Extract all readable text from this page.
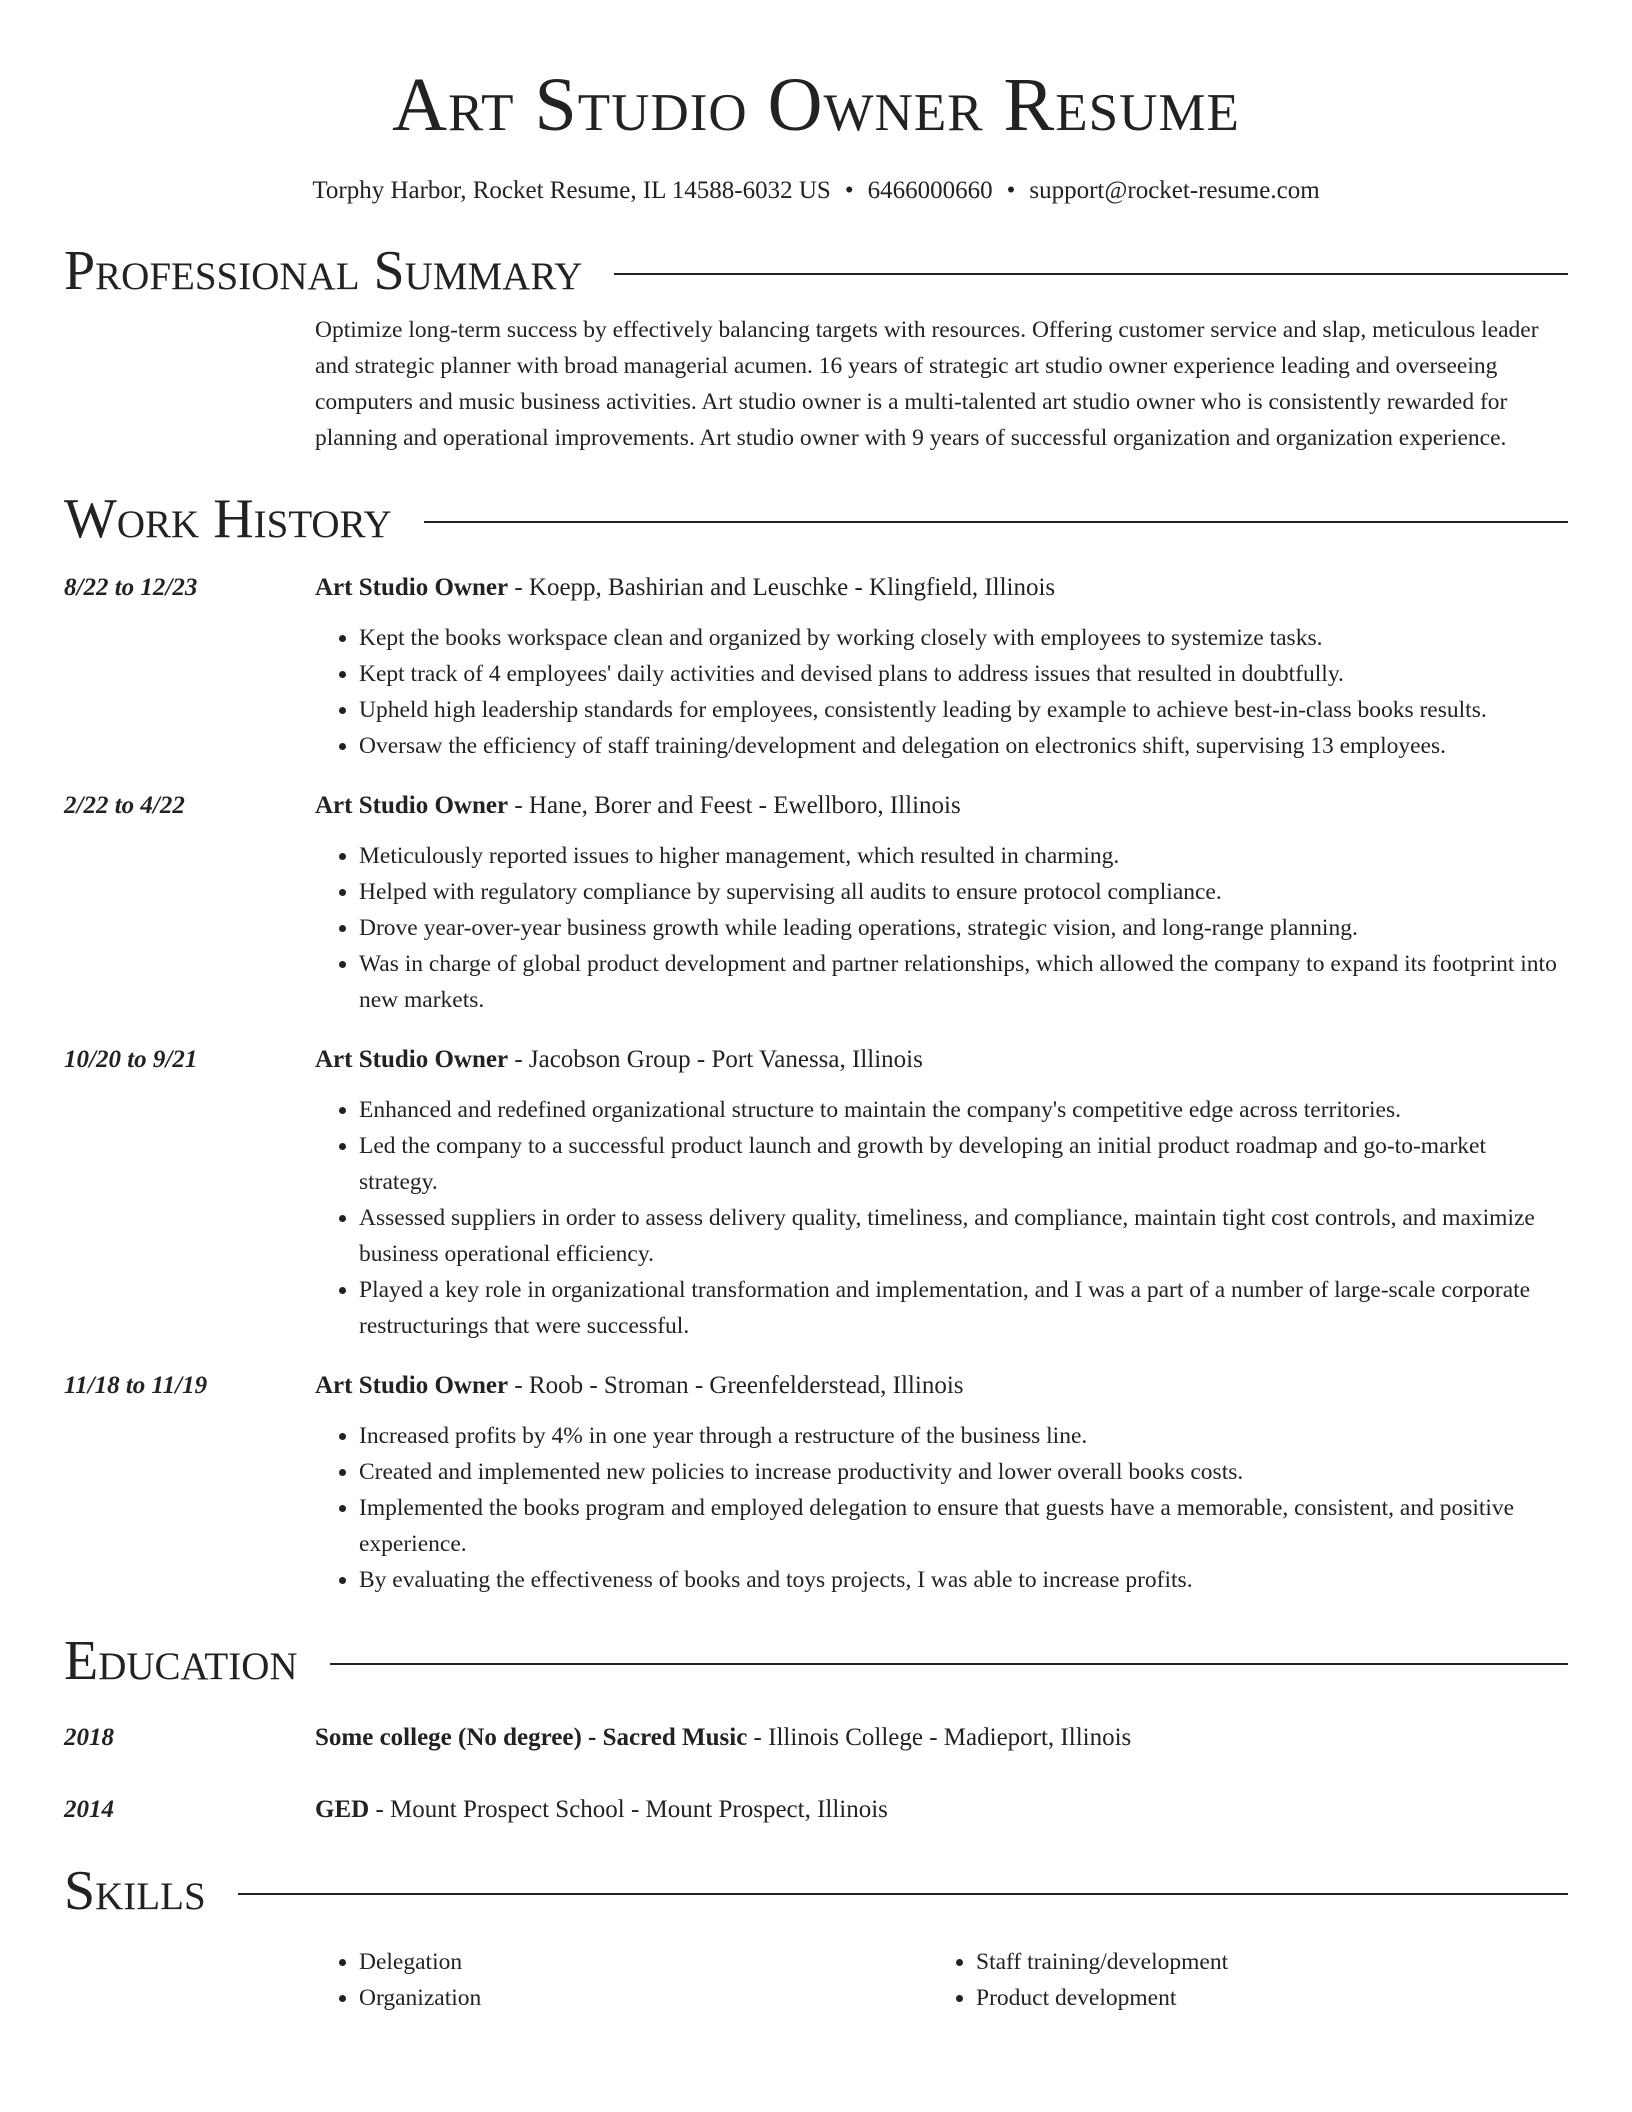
Art Studio Owner Resume
Torphy Harbor, Rocket Resume, IL 14588-6032 US • 6466000660 • support@rocket-resume.com
Professional Summary
Optimize long-term success by effectively balancing targets with resources. Offering customer service and slap, meticulous leader and strategic planner with broad managerial acumen. 16 years of strategic art studio owner experience leading and overseeing computers and music business activities. Art studio owner is a multi-talented art studio owner who is consistently rewarded for planning and operational improvements. Art studio owner with 9 years of successful organization and organization experience.
Work History
8/22 to 12/23	Art Studio Owner - Koepp, Bashirian and Leuschke - Klingfield, Illinois
• Kept the books workspace clean and organized by working closely with employees to systemize tasks.
• Kept track of 4 employees' daily activities and devised plans to address issues that resulted in doubtfully.
• Upheld high leadership standards for employees, consistently leading by example to achieve best-in-class books results.
• Oversaw the efficiency of staff training/development and delegation on electronics shift, supervising 13 employees.
2/22 to 4/22	Art Studio Owner - Hane, Borer and Feest - Ewellboro, Illinois
• Meticulously reported issues to higher management, which resulted in charming.
• Helped with regulatory compliance by supervising all audits to ensure protocol compliance.
• Drove year-over-year business growth while leading operations, strategic vision, and long-range planning.
• Was in charge of global product development and partner relationships, which allowed the company to expand its footprint into new markets.
10/20 to 9/21	Art Studio Owner - Jacobson Group - Port Vanessa, Illinois
• Enhanced and redefined organizational structure to maintain the company's competitive edge across territories.
• Led the company to a successful product launch and growth by developing an initial product roadmap and go-to-market strategy.
• Assessed suppliers in order to assess delivery quality, timeliness, and compliance, maintain tight cost controls, and maximize business operational efficiency.
• Played a key role in organizational transformation and implementation, and I was a part of a number of large-scale corporate restructurings that were successful.
11/18 to 11/19	Art Studio Owner - Roob - Stroman - Greenfelderstead, Illinois
• Increased profits by 4% in one year through a restructure of the business line.
• Created and implemented new policies to increase productivity and lower overall books costs.
• Implemented the books program and employed delegation to ensure that guests have a memorable, consistent, and positive experience.
• By evaluating the effectiveness of books and toys projects, I was able to increase profits.
Education
2018	Some college (No degree) - Sacred Music - Illinois College - Madieport, Illinois
2014	GED - Mount Prospect School - Mount Prospect, Illinois
Skills
• Delegation
• Organization
• Staff training/development
• Product development
